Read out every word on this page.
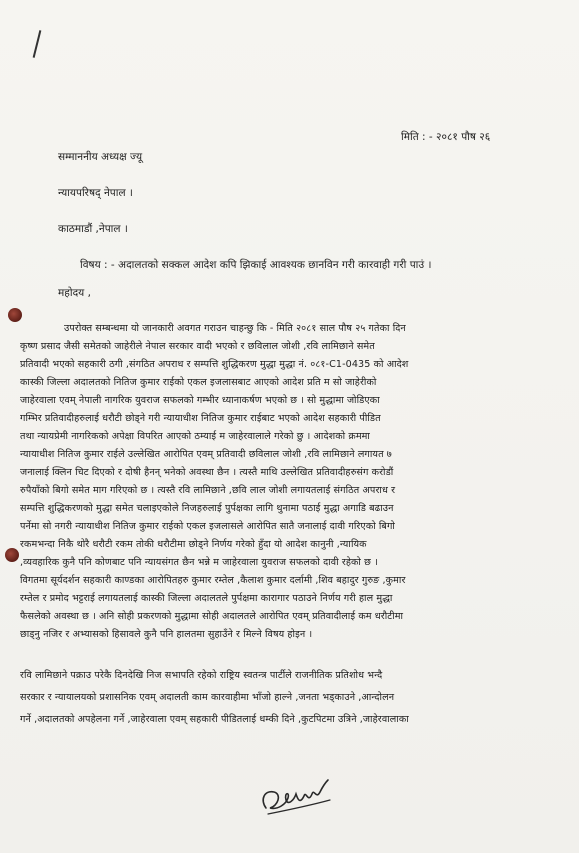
मिति : - २०८१ पौष २६
सम्माननीय अध्यक्ष ज्यू
न्यायपरिषद् नेपाल ।
काठमाडौं ,नेपाल ।
विषय : - अदालतको सक्कल आदेश कपि झिकाई आवश्यक छानविन गरी कारवाही गरी पाउं ।
महोदय ,
उपरोक्त सम्बन्धमा यो जानकारी अवगत गराउन चाहन्छु कि - मिति २०८१ साल पौष २५ गतेका दिन
कृष्ण प्रसाद जैसी समेतको जाहेरीले नेपाल सरकार वादी भएको र छविलाल जोशी ,रवि लामिछाने समेत
प्रतिवादी भएको सहकारी ठगी ,संगठित अपराध र सम्पत्ति शुद्धिकरण मुद्धा मुद्धा नं. ०८१-C1-0435 को आदेश
कास्की जिल्ला अदालतको नितिज कुमार राईको एकल इजलासबाट आएको आदेश प्रति म सो जाहेरीको
जाहेरवाला एवम् नेपाली नागरिक युवराज सफलको गम्भीर ध्यानाकर्षण भएको छ । सो मुद्धामा जोडिएका
गम्भिर प्रतिवादीहरुलाई धरौटी छोड्ने गरी न्यायाधीश नितिज कुमार राईबाट भएको आदेश सहकारी पीडित
तथा न्यायप्रेमी नागरिकको अपेक्षा विपरित आएको ठम्याई म जाहेरवालाले गरेको छु । आदेशको क्रममा
न्यायाधीश नितिज कुमार राईले उल्लेखित आरोपित एवम् प्रतिवादी छविलाल जोशी ,रवि लामिछाने लगायत ७
जनालाई क्लिन चिट दिएको र दोषी हैनन् भनेको अवस्था छैन । त्यस्तै माथि उल्लेखित प्रतिवादीहरुसंग करोडौं
रुपैयाँको बिगो समेत माग गरिएको छ । त्यस्तै रवि लामिछाने ,छवि लाल जोशी लगायतलाई संगठित अपराध र
सम्पत्ति शुद्धिकरणको मुद्धा समेत चलाइएकोले निजहरुलाई पुर्पक्षका लागि थुनामा पठाई मुद्धा अगाडि बढाउन
पर्नेमा सो नगरी न्यायाधीश नितिज कुमार राईको एकल इजलासले आरोपित सातै जनालाई दावी गरिएको बिगो
रकमभन्दा निकै थोरै धरौटी रकम तोकी धरौटीमा छोड्ने निर्णय गरेको हुँदा यो आदेश कानुनी ,न्यायिक
,व्यवहारिक कुनै पनि कोणबाट पनि न्यायसंगत छैन भन्ने म जाहेरवाला युवराज सफलको दावी रहेको छ ।
विगतमा सूर्यदर्शन सहकारी काण्डका आरोपितहरु कुमार रम्तेल ,कैलाश कुमार दर्लामी ,शिव बहादुर गुरुङ ,कुमार
रम्तेल र प्रमोद भट्टराई लगायतलाई कास्की जिल्ला अदालतले पुर्पक्षमा कारागार पठाउने निर्णय गरी हाल मुद्धा
फैसलेको अवस्था छ । अनि सोही प्रकरणको मुद्धामा सोही अदालतले आरोपित एवम् प्रतिवादीलाई कम धरौटीमा
छाड्नु नजिर र अभ्यासको हिसावले कुनै पनि हालतमा सुहाउँने र मिल्ने विषय होइन ।
रवि लामिछाने पक्राउ परेकै दिनदेखि निज सभापति रहेको राष्ट्रिय स्वतन्त्र पार्टीले राजनीतिक प्रतिशोध भन्दै
सरकार र न्यायालयको प्रशासनिक एवम् अदालती काम कारवाहीमा भाँजो हाल्ने ,जनता भड्काउने ,आन्दोलन
गर्ने ,अदालतको अपहेलना गर्ने ,जाहेरवाला एवम् सहकारी पीडितलाई धम्की दिने ,कुटपिटमा उत्रिने ,जाहेरवालाका
